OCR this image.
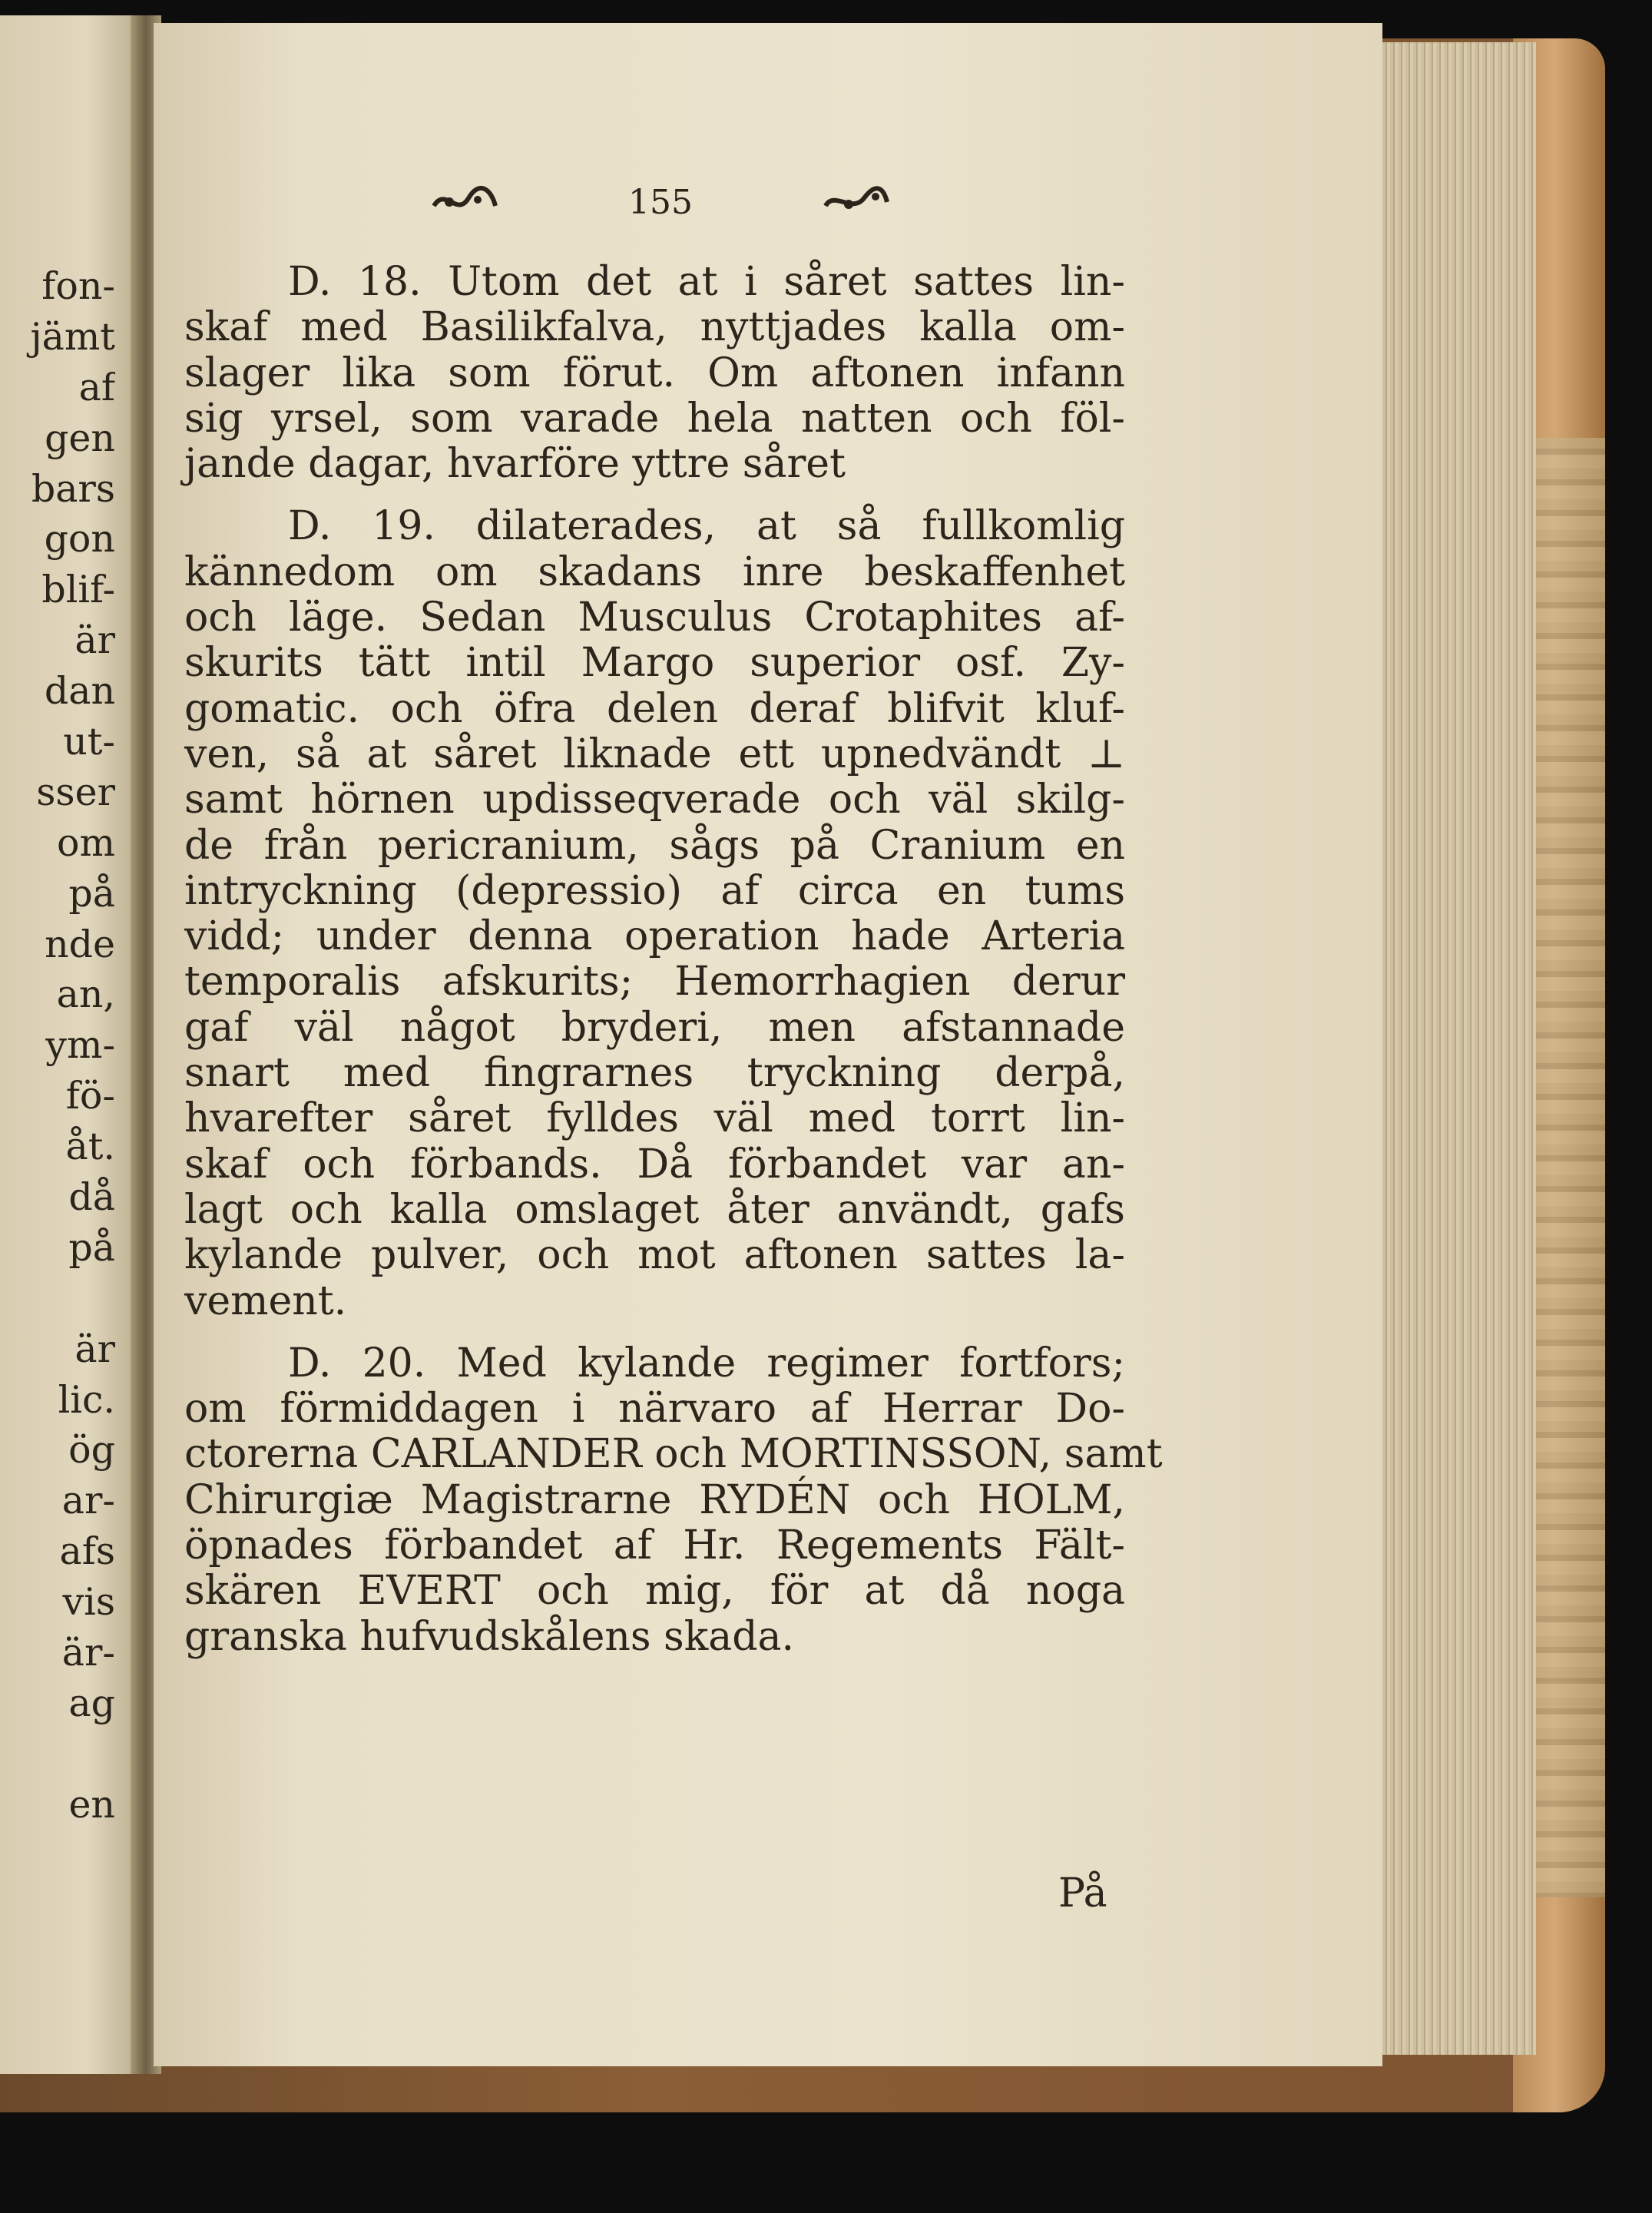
fon-
jämt
af
gen
bars
gon
blif-
är
dan
ut-
sser
om
på
nde
an,
ym-
fö-
åt.
då
på
är
lic.
ög
ar-
afs
vis
är-
ag
en
155
D. 18. Utom det at i såret sattes lin-
skaf med Basilikfalva, nyttjades kalla om-
slager lika som förut. Om aftonen infann
sig yrsel, som varade hela natten och föl-
jande dagar, hvarföre yttre såret
D. 19. dilaterades, at så fullkomlig
kännedom om skadans inre beskaffenhet
och läge. Sedan Musculus Crotaphites af-
skurits tätt intil Margo superior osf. Zy-
gomatic. och öfra delen deraf blifvit kluf-
ven, så at såret liknade ett upnedvändt ⊥
samt hörnen updisseqverade och väl skilg-
de från pericranium, sågs på Cranium en
intryckning (depressio) af circa en tums
vidd; under denna operation hade Arteria
temporalis afskurits; Hemorrhagien derur
gaf väl något bryderi, men afstannade
snart med fingrarnes tryckning derpå,
hvarefter såret fylldes väl med torrt lin-
skaf och förbands. Då förbandet var an-
lagt och kalla omslaget åter användt, gafs
kylande pulver, och mot aftonen sattes la-
vement.
D. 20. Med kylande regimer fortfors;
om förmiddagen i närvaro af Herrar Do-
ctorerna CARLANDER och MORTINSSON, samt
Chirurgiæ Magistrarne RYDÉN och HOLM,
öpnades förbandet af Hr. Regements Fält-
skären EVERT och mig, för at då noga
granska hufvudskålens skada.
På
